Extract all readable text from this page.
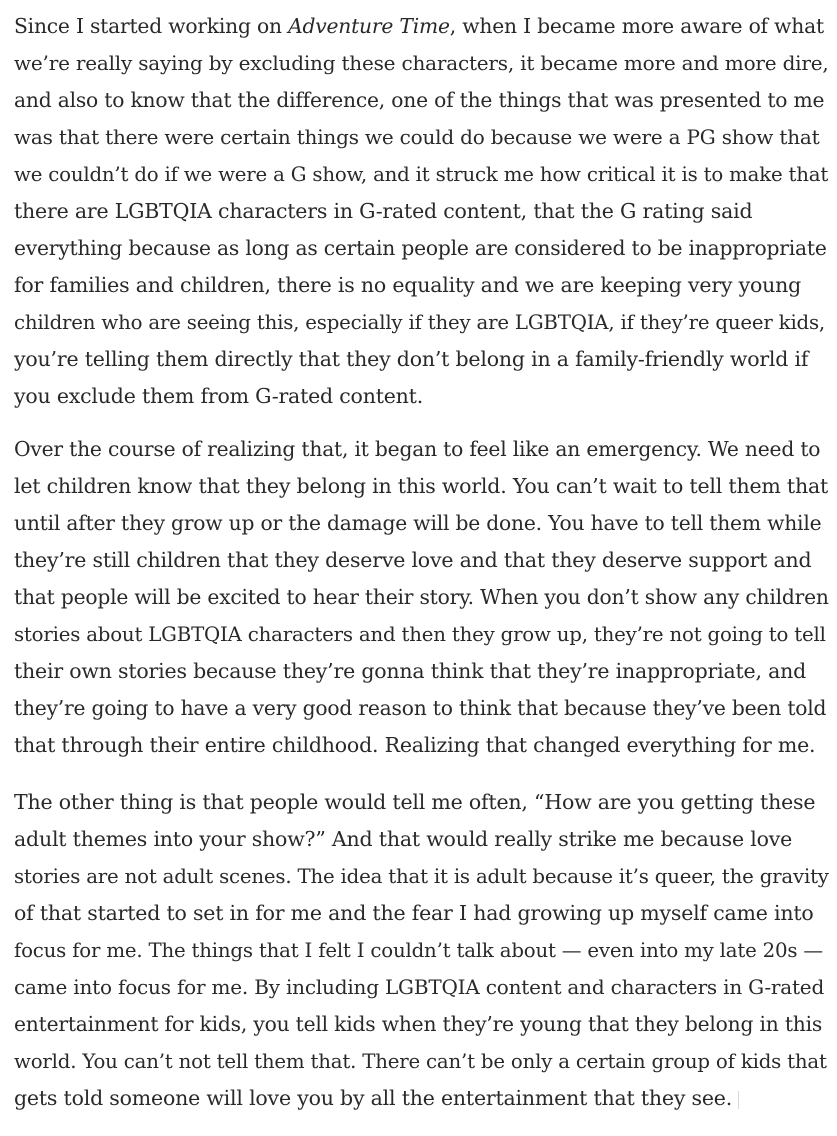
Since I started working on Adventure Time, when I became more aware of what
we’re really saying by excluding these characters, it became more and more dire,
and also to know that the difference, one of the things that was presented to me
was that there were certain things we could do because we were a PG show that
we couldn’t do if we were a G show, and it struck me how critical it is to make that
there are LGBTQIA characters in G-rated content, that the G rating said
everything because as long as certain people are considered to be inappropriate
for families and children, there is no equality and we are keeping very young
children who are seeing this, especially if they are LGBTQIA, if they’re queer kids,
you’re telling them directly that they don’t belong in a family-friendly world if
you exclude them from G-rated content.

Over the course of realizing that, it began to feel like an emergency. We need to
let children know that they belong in this world. You can’t wait to tell them that
until after they grow up or the damage will be done. You have to tell them while
they’re still children that they deserve love and that they deserve support and
that people will be excited to hear their story. When you don’t show any children
stories about LGBTQIA characters and then they grow up, they’re not going to tell
their own stories because they’re gonna think that they’re inappropriate, and
they’re going to have a very good reason to think that because they’ve been told
that through their entire childhood. Realizing that changed everything for me.

The other thing is that people would tell me often, “How are you getting these
adult themes into your show?” And that would really strike me because love
stories are not adult scenes. The idea that it is adult because it’s queer, the gravity
of that started to set in for me and the fear I had growing up myself came into
focus for me. The things that I felt I couldn’t talk about — even into my late 20s —
came into focus for me. By including LGBTQIA content and characters in G-rated
entertainment for kids, you tell kids when they’re young that they belong in this
world. You can’t not tell them that. There can’t be only a certain group of kids that
gets told someone will love you by all the entertainment that they see.
